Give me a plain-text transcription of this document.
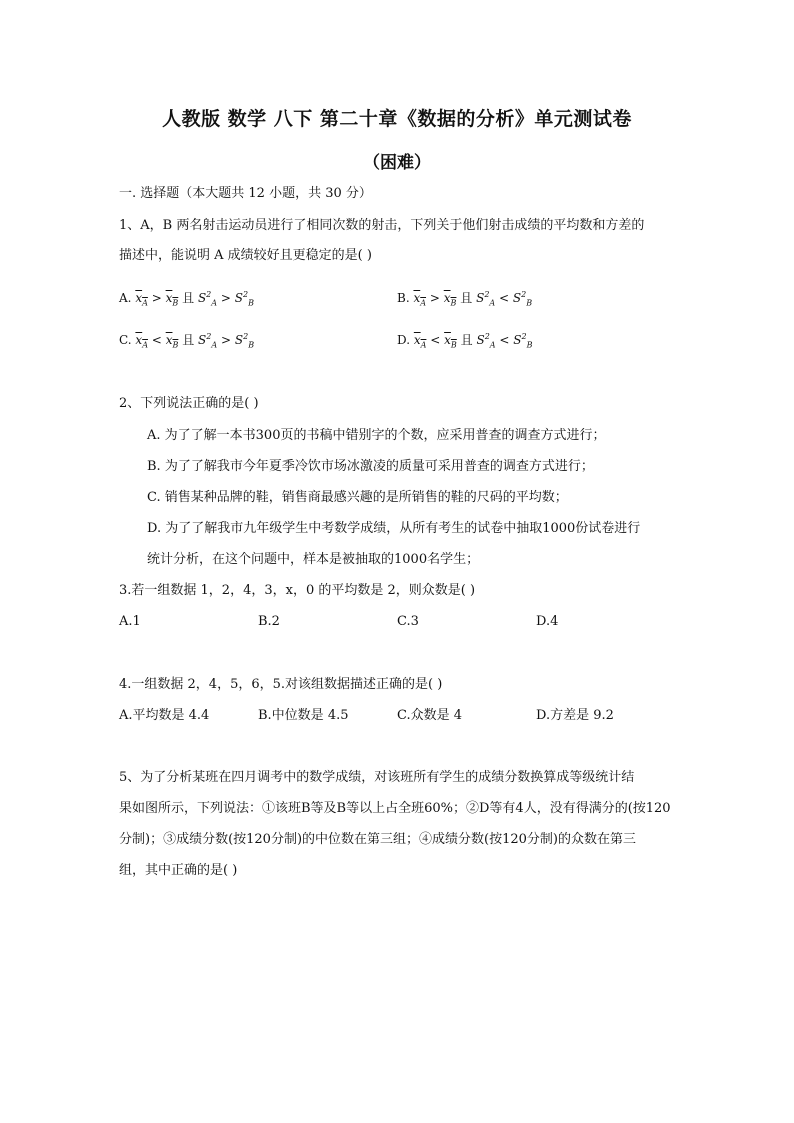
人教版 数学 八下 第二十章《数据的分析》单元测试卷
（困难）
一. 选择题（本大题共 12 小题，共 30 分）
1、A，B 两名射击运动员进行了相同次数的射击，下列关于他们射击成绩的平均数和方差的
描述中，能说明 A 成绩较好且更稳定的是( )
A. $x_A > x_B$ 且 $S^2_A > S^2_B$	B. $x_A > x_B$ 且 $S^2_A < S^2_B$
C. $x_A < x_B$ 且 $S^2_A > S^2_B$	D. $x_A < x_B$ 且 $S^2_A < S^2_B$
2、下列说法正确的是( )
A. 为了了解一本书300页的书稿中错别字的个数，应采用普查的调查方式进行；
B. 为了了解我市今年夏季冷饮市场冰激凌的质量可采用普查的调查方式进行；
C. 销售某种品牌的鞋，销售商最感兴趣的是所销售的鞋的尺码的平均数；
D. 为了了解我市九年级学生中考数学成绩，从所有考生的试卷中抽取1000份试卷进行
统计分析，在这个问题中，样本是被抽取的1000名学生；
3.若一组数据 1，2，4，3，x，0 的平均数是 2，则众数是( )
A.1	B.2	C.3	D.4
4.一组数据 2，4，5，6，5.对该组数据描述正确的是( )
A.平均数是 4.4	B.中位数是 4.5	C.众数是 4	D.方差是 9.2
5、为了分析某班在四月调考中的数学成绩，对该班所有学生的成绩分数换算成等级统计结
果如图所示，下列说法：①该班B等及B等以上占全班60%；②D等有4人，没有得满分的(按120
分制)；③成绩分数(按120分制)的中位数在第三组；④成绩分数(按120分制)的众数在第三
组，其中正确的是( )
